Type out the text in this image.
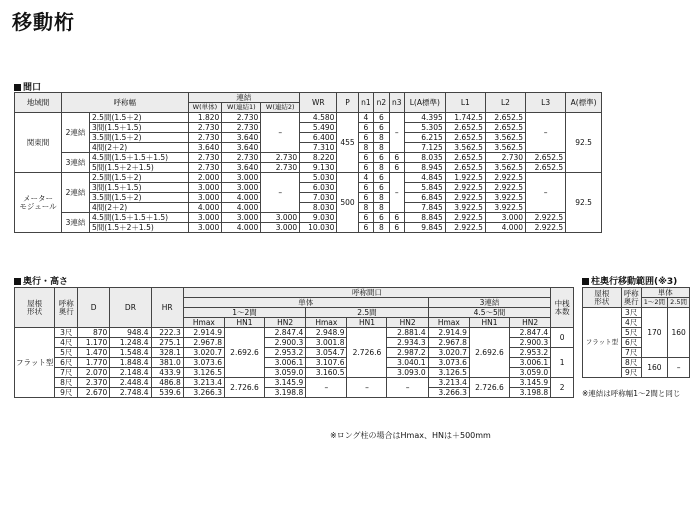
移動桁
間口
地域間	呼称幅		連結			WR	P	n1	n2	n3	L(A標準)	L1	L2	L3	A(標準)
			W(単体)	W(連結1)	W(連結2)										
関東間	2連結	2.5間(1.5＋2)	1.820	2.730	–	4.580	455	4	6	–	4.395	1.742.5	2.652.5	–	92.5
		3間(1.5＋1.5)	2.730	2.730		5.490		6	6		5.305	2.652.5	2.652.5		
		3.5間(1.5＋2)	2.730	3.640		6.400		6	8		6.215	2.652.5	3.562.5		
		4間(2＋2)	3.640	3.640		7.310		8	8		7.125	3.562.5	3.562.5		
	3連結	4.5間(1.5＋1.5＋1.5)	2.730	2.730	2.730	8.220		6	6	6	8.035	2.652.5	2.730	2.652.5	
		5間(1.5＋2＋1.5)	2.730	3.640	2.730	9.130		6	8	6	8.945	2.652.5	3.562.5	2.652.5	
メーター
モジュール	2連結	2.5間(1.5＋2)	2.000	3.000	–	5.030	500	4	6	–	4.845	1.922.5	2.922.5	–	92.5
		3間(1.5＋1.5)	3.000	3.000		6.030		6	6		5.845	2.922.5	2.922.5		
		3.5間(1.5＋2)	3.000	4.000		7.030		6	8		6.845	2.922.5	3.922.5		
		4間(2＋2)	4.000	4.000		8.030		8	8		7.845	3.922.5	3.922.5		
	3連結	4.5間(1.5＋1.5＋1.5)	3.000	3.000	3.000	9.030		6	6	6	8.845	2.922.5	3.000	2.922.5	
		5間(1.5＋2＋1.5)	3.000	4.000	3.000	10.030		6	8	6	9.845	2.922.5	4.000	2.922.5	
奥行・高さ
屋根
形状	呼称
奥行	D	DR	HR	呼称間口									中桟
本数
					単体						3連結			
					1〜2間			2.5間			4.5〜5間			
					Hmax	HN1	HN2	Hmax	HN1	HN2	Hmax	HN1	HN2	
フラット型	3尺	870	948.4	222.3	2.914.9	2.692.6	2.847.4	2.948.9	2.726.6	2.881.4	2.914.9	2.692.6	2.847.4	0
	4尺	1.170	1.248.4	275.1	2.967.8		2.900.3	3.001.8		2.934.3	2.967.8		2.900.3	
	5尺	1.470	1.548.4	328.1	3.020.7		2.953.2	3.054.7		2.987.2	3.020.7		2.953.2	1
	6尺	1.770	1.848.4	381.0	3.073.6		3.006.1	3.107.6		3.040.1	3.073.6		3.006.1	
	7尺	2.070	2.148.4	433.9	3.126.5		3.059.0	3.160.5		3.093.0	3.126.5		3.059.0	
	8尺	2.370	2.448.4	486.8	3.213.4	2.726.6	3.145.9	–	–	–	3.213.4	2.726.6	3.145.9	2
	9尺	2.670	2.748.4	539.6	3.266.3		3.198.8				3.266.3		3.198.8	
※ロング柱の場合はHmax、HNは＋500mm
柱奥行移動範囲(※3)
屋根
形状	呼称
奥行	単体	
		1〜2間	2.5間
フラット型	3尺	170	160
	4尺		
	5尺		
	6尺		
	7尺		
	8尺	160	–
	9尺		
※連結は呼称幅1〜2間と同じ
